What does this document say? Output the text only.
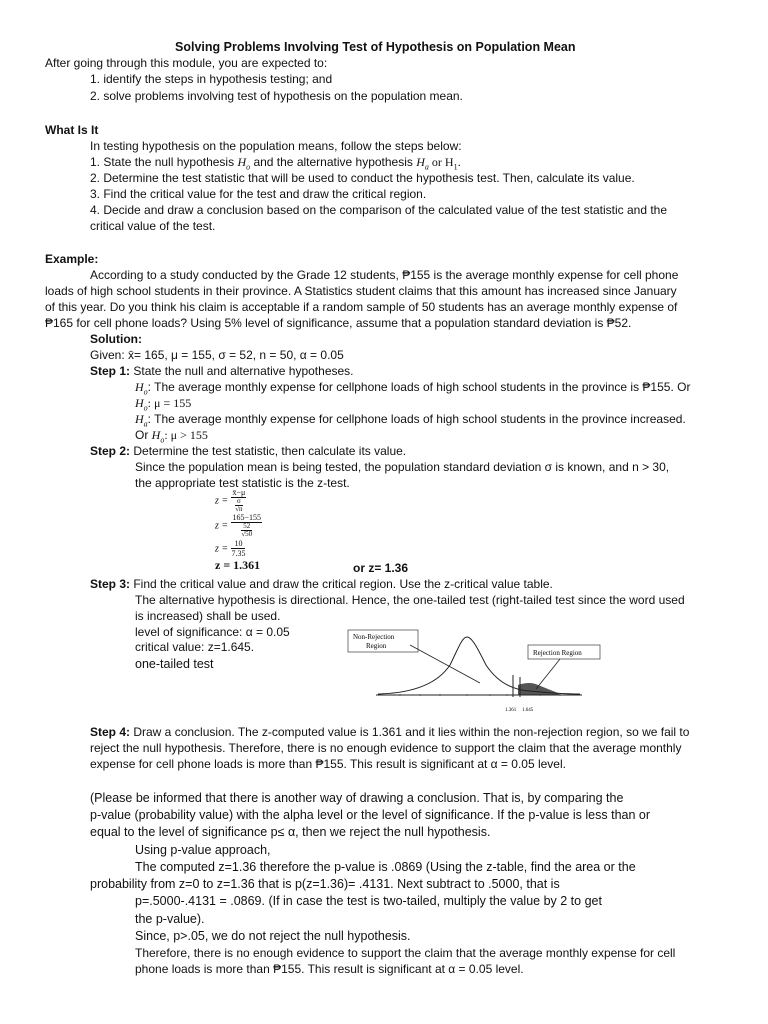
Solving Problems Involving Test of Hypothesis on Population Mean
After going through this module, you are expected to:
1. identify the steps in hypothesis testing; and
2. solve problems involving test of hypothesis on the population mean.
What Is It
In testing hypothesis on the population means, follow the steps below:
1. State the null hypothesis $H_o$ and the alternative hypothesis $H_a$ or $H_1$.
2. Determine the test statistic that will be used to conduct the hypothesis test. Then, calculate its value.
3. Find the critical value for the test and draw the critical region.
4. Decide and draw a conclusion based on the comparison of the calculated value of the test statistic and the
critical value of the test.
Example:
According to a study conducted by the Grade 12 students, ₱155 is the average monthly expense for cell phone
loads of high school students in their province. A Statistics student claims that this amount has increased since January
of this year. Do you think his claim is acceptable if a random sample of 50 students has an average monthly expense of
₱165 for cell phone loads? Using 5% level of significance, assume that a population standard deviation is ₱52.
Solution:
Given: x̄= 165, μ = 155, σ = 52, n = 50, α = 0.05
Step 1: State the null and alternative hypotheses.
$H_o$: The average monthly expense for cellphone loads of high school students in the province is ₱155. Or
$H_o$: μ = 155
$H_a$: The average monthly expense for cellphone loads of high school students in the province increased.
Or $H_o$: μ > 155
Step 2: Determine the test statistic, then calculate its value.
Since the population mean is being tested, the population standard deviation σ is known, and n > 30,
the appropriate test statistic is the z-test.
$z = \frac{x̄-\mu}{\frac{\sigma}{√n}}$
$z = \frac{165-155}{\frac{52}{√50}}$
$z = \frac{10}{7.35}$
z = 1.361	or z= 1.36
Step 3: Find the critical value and draw the critical region. Use the z-critical value table.
The alternative hypothesis is directional. Hence, the one-tailed test (right-tailed test since the word used
is increased) shall be used.
level of significance: α = 0.05
critical value: z=1.645.
one-tailed test
1.361 1.645
Non-Rejection
Region
Rejection Region
Step 4: Draw a conclusion. The z-computed value is 1.361 and it lies within the non-rejection region, so we fail to
reject the null hypothesis. Therefore, there is no enough evidence to support the claim that the average monthly
expense for cell phone loads is more than ₱155. This result is significant at α = 0.05 level.
(Please be informed that there is another way of drawing a conclusion. That is, by comparing the
p-value (probability value) with the alpha level or the level of significance. If the p-value is less than or
equal to the level of significance p≤ α, then we reject the null hypothesis.
Using p-value approach,
The computed z=1.36 therefore the p-value is .0869 (Using the z-table, find the area or the
probability from z=0 to z=1.36 that is p(z=1.36)= .4131. Next subtract to .5000, that is
p=.5000-.4131 = .0869. (If in case the test is two-tailed, multiply the value by 2 to get
the p-value).
Since, p>.05, we do not reject the null hypothesis.
Therefore, there is no enough evidence to support the claim that the average monthly expense for cell
phone loads is more than ₱155. This result is significant at α = 0.05 level.
